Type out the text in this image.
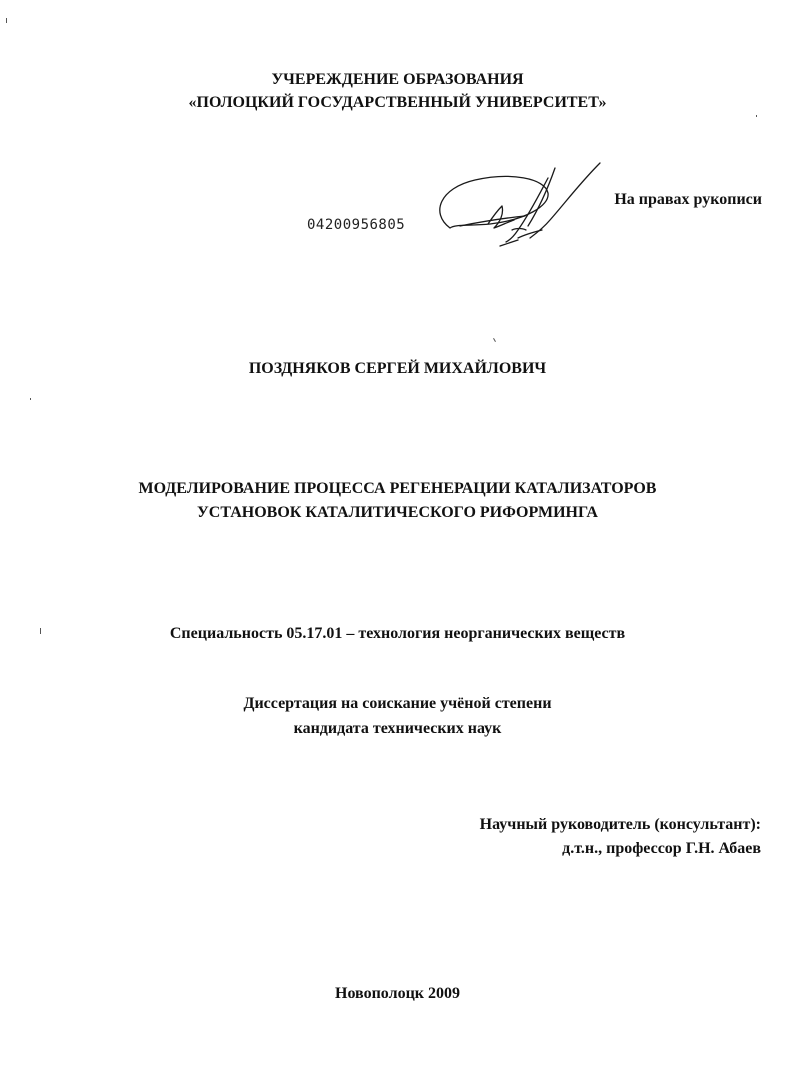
УЧЕРЕЖДЕНИЕ ОБРАЗОВАНИЯ
«ПОЛОЦКИЙ ГОСУДАРСТВЕННЫЙ УНИВЕРСИТЕТ»
04200956805
На правах рукописи
ПОЗДНЯКОВ СЕРГЕЙ МИХАЙЛОВИЧ
МОДЕЛИРОВАНИЕ ПРОЦЕССА РЕГЕНЕРАЦИИ КАТАЛИЗАТОРОВ
УСТАНОВОК КАТАЛИТИЧЕСКОГО РИФОРМИНГА
Специальность 05.17.01 – технология неорганических веществ
Диссертация на соискание учёной степени
кандидата технических наук
Научный руководитель (консультант):
д.т.н., профессор Г.Н. Абаев
Новополоцк 2009
